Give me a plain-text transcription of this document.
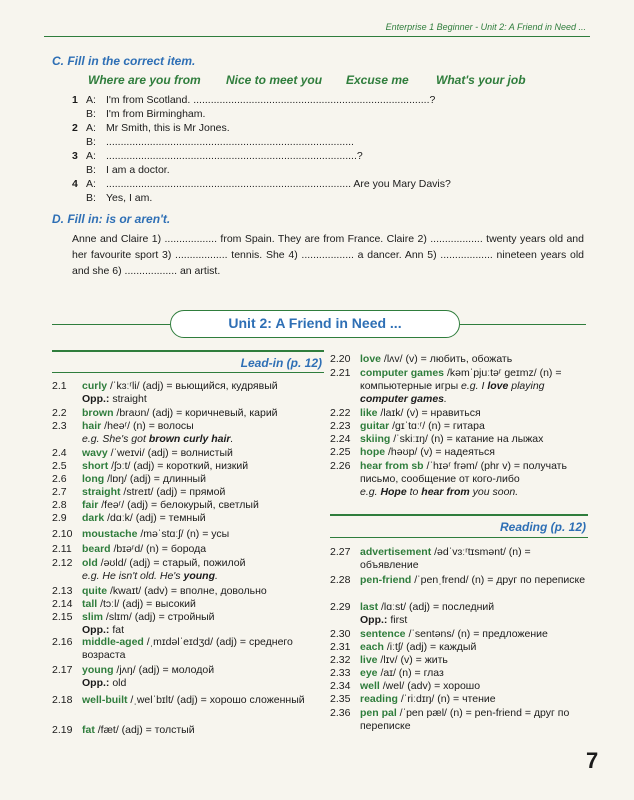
Enterprise 1 Beginner - Unit 2: A Friend in Need ...
C. Fill in the correct item.
Where are you from Nice to meet you Excuse me What's your job
1 A: I'm from Scotland. .................................................................................?
B: I'm from Birmingham.
2 A: Mr Smith, this is Mr Jones.
B: .....................................................................................
3 A: ......................................................................................?
B: I am a doctor.
4 A: .................................................................................... Are you Mary Davis?
B: Yes, I am.
D. Fill in: is or aren't.
Anne and Claire 1) .................. from Spain. They are from France. Claire 2) .................. twenty years old and her favourite sport 3) .................. tennis. She 4) .................. a dancer. Ann 5) .................. nineteen years old and she 6) .................. an artist.
Unit 2: A Friend in Need ...
Lead-in (p. 12)
2.1 curly /ˈkɜːʳli/ (adj) = вьющийся, кудрявый
Opp.: straight
2.2 brown /braʊn/ (adj) = коричневый, карий
2.3 hair /heəʳ/ (n) = волосы
e.g. She's got brown curly hair.
2.4 wavy /ˈweɪvi/ (adj) = волнистый
2.5 short /ʃɔːt/ (adj) = короткий, низкий
2.6 long /lɒŋ/ (adj) = длинный
2.7 straight /streɪt/ (adj) = прямой
2.8 fair /feəʳ/ (adj) = белокурый, светлый
2.9 dark /dɑːk/ (adj) = темный
2.10 moustache /məˈstɑːʃ/ (n) = усы
2.11 beard /bɪəʳd/ (n) = борода
2.12 old /əʊld/ (adj) = старый, пожилой
e.g. He isn't old. He's young.
2.13 quite /kwaɪt/ (adv) = вполне, довольно
2.14 tall /tɔːl/ (adj) = высокий
2.15 slim /slɪm/ (adj) = стройный
Opp.: fat
2.16 middle-aged /ˌmɪdəlˈeɪdʒd/ (adj) = среднего возраста
2.17 young /jʌŋ/ (adj) = молодой
Opp.: old
2.18 well-built /ˌwelˈbɪlt/ (adj) = хорошо сложенный
2.19 fat /fæt/ (adj) = толстый
2.20 love /lʌv/ (v) = любить, обожать
2.21 computer games /kəmˈpjuːtəʳ geɪmz/ (n) = компьютерные игры e.g. I love playing computer games.
2.22 like /laɪk/ (v) = нравиться
2.23 guitar /gɪˈtɑːʳ/ (n) = гитара
2.24 skiing /ˈskiːɪŋ/ (n) = катание на лыжах
2.25 hope /həʊp/ (v) = надеяться
2.26 hear from sb /ˈhɪəʳ frəm/ (phr v) = получать письмо, сообщение от кого-либо
e.g. Hope to hear from you soon.
Reading (p. 12)
2.27 advertisement /ədˈvɜːʳtɪsmənt/ (n) = объявление
2.28 pen-friend /ˈpenˌfrend/ (n) = друг по переписке
2.29 last /lɑːst/ (adj) = последний
Opp.: first
2.30 sentence /ˈsentəns/ (n) = предложение
2.31 each /iːtʃ/ (adj) = каждый
2.32 live /lɪv/ (v) = жить
2.33 eye /aɪ/ (n) = глаз
2.34 well /wel/ (adv) = хорошо
2.35 reading /ˈriːdɪŋ/ (n) = чтение
2.36 pen pal /ˈpen pæl/ (n) = pen-friend = друг по переписке
7
